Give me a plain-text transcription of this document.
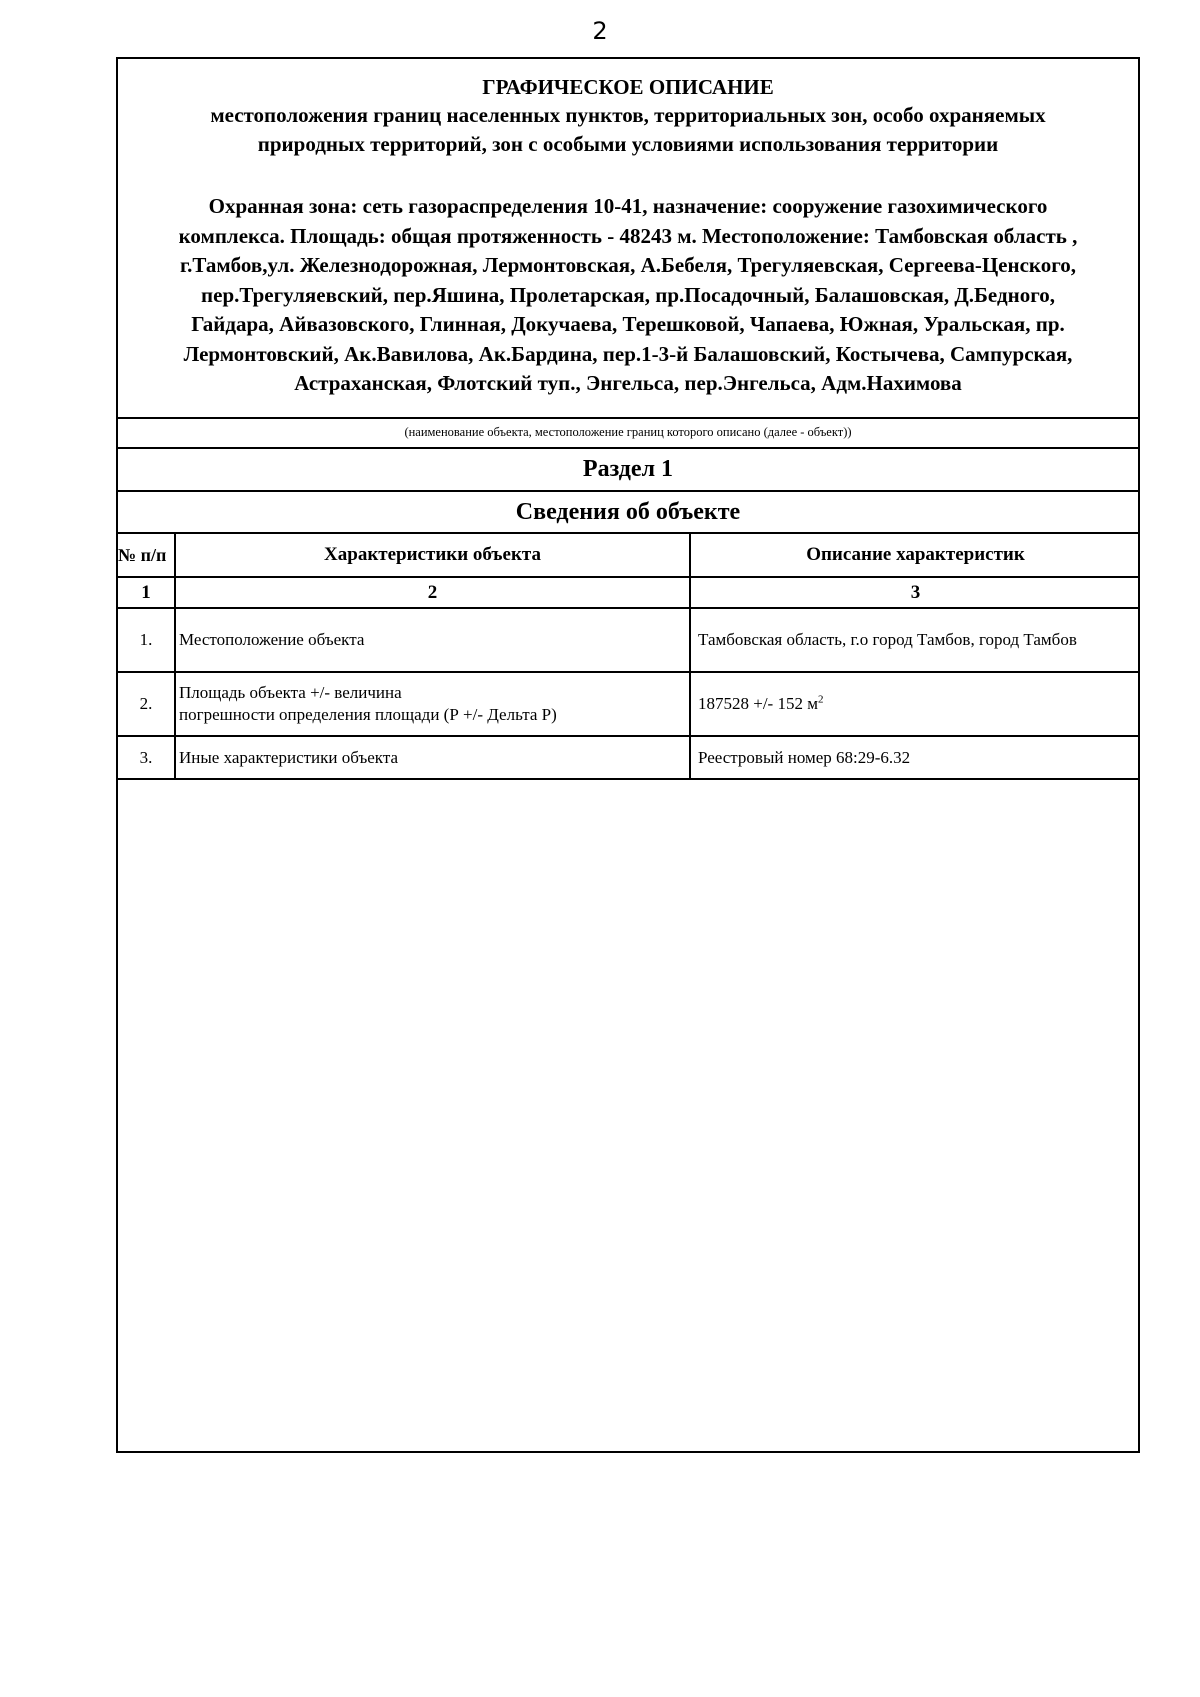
2
ГРАФИЧЕСКОЕ ОПИСАНИЕ
местоположения границ населенных пунктов, территориальных зон, особо охраняемых
природных территорий, зон с особыми условиями использования территории
Охранная зона: сеть газораспределения 10-41, назначение: сооружение газохимического
комплекса. Площадь: общая протяженность - 48243 м. Местоположение: Тамбовская область ,
г.Тамбов,ул. Железнодорожная, Лермонтовская, А.Бебеля, Трегуляевская, Сергеева-Ценского,
пер.Трегуляевский, пер.Яшина, Пролетарская, пр.Посадочный, Балашовская, Д.Бедного,
Гайдара, Айвазовского, Глинная, Докучаева, Терешковой, Чапаева, Южная, Уральская, пр.
Лермонтовский, Ак.Вавилова, Ак.Бардина, пер.1-3-й Балашовский, Костычева, Сампурская,
Астраханская, Флотский туп., Энгельса, пер.Энгельса, Адм.Нахимова
(наименование объекта, местоположение границ которого описано (далее - объект))
Раздел 1
Сведения об объекте
№ п/п	Характеристики объекта	Описание характеристик
1	2	3
1.	Местоположение объекта	Тамбовская область, г.о город Тамбов, город Тамбов
2.	Площадь объекта +/- величина
погрешности определения площади (Р +/- Дельта Р)	187528 +/- 152 $м^2$
3.	Иные характеристики объекта	Реестровый номер 68:29-6.32
